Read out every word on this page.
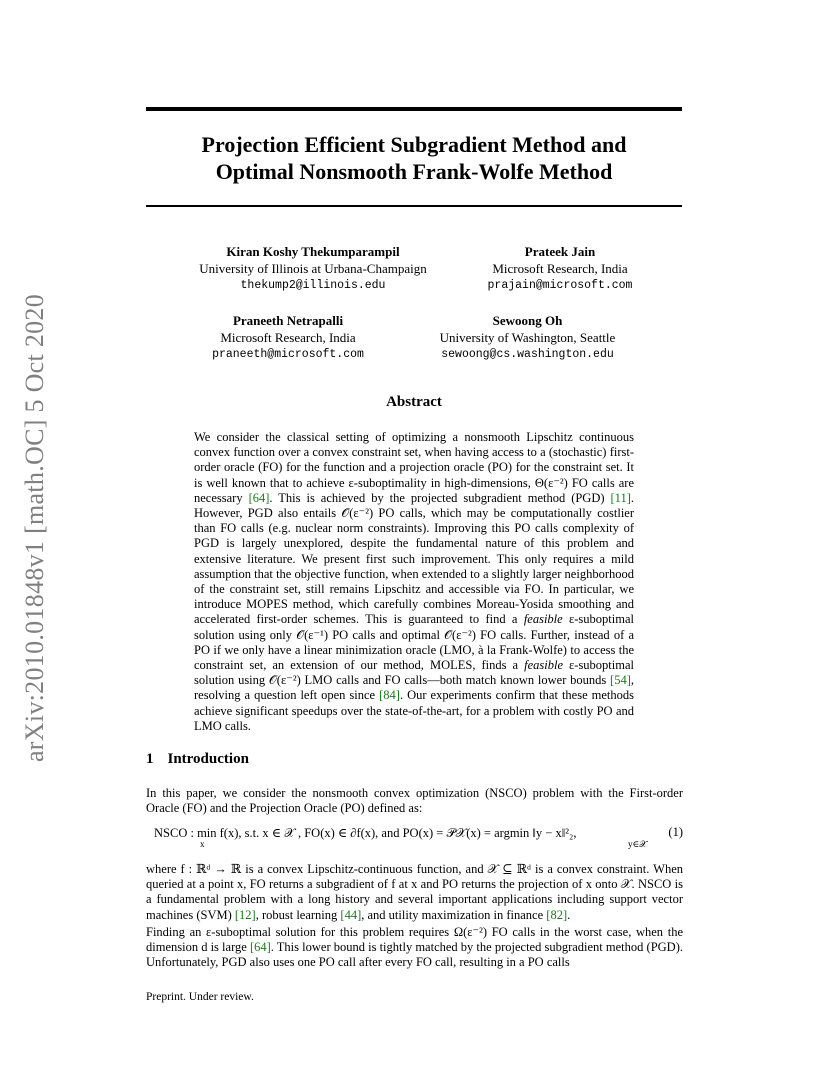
arXiv:2010.01848v1 [math.OC] 5 Oct 2020
Projection Efficient Subgradient Method and
Optimal Nonsmooth Frank-Wolfe Method
Kiran Koshy Thekumparampil
University of Illinois at Urbana-Champaign
thekump2@illinois.edu
Prateek Jain
Microsoft Research, India
prajain@microsoft.com
Praneeth Netrapalli
Microsoft Research, India
praneeth@microsoft.com
Sewoong Oh
University of Washington, Seattle
sewoong@cs.washington.edu
Abstract

We consider the classical setting of optimizing a nonsmooth Lipschitz continuous convex function over a convex constraint set, when having access to a (stochastic) first-order oracle (FO) for the function and a projection oracle (PO) for the constraint set. It is well known that to achieve ε-suboptimality in high-dimensions, Θ(ε⁻²) FO calls are necessary [64]. This is achieved by the projected subgradient method (PGD) [11]. However, PGD also entails 𝒪(ε⁻²) PO calls, which may be computationally costlier than FO calls (e.g. nuclear norm constraints). Improving this PO calls complexity of PGD is largely unexplored, despite the fundamental nature of this problem and extensive literature. We present first such improvement. This only requires a mild assumption that the objective function, when extended to a slightly larger neighborhood of the constraint set, still remains Lipschitz and accessible via FO. In particular, we introduce MOPES method, which carefully combines Moreau-Yosida smoothing and accelerated first-order schemes. This is guaranteed to find a feasible ε-suboptimal solution using only 𝒪(ε⁻¹) PO calls and optimal 𝒪(ε⁻²) FO calls. Further, instead of a PO if we only have a linear minimization oracle (LMO, à la Frank-Wolfe) to access the constraint set, an extension of our method, MOLES, finds a feasible ε-suboptimal solution using 𝒪(ε⁻²) LMO calls and FO calls—both match known lower bounds [54], resolving a question left open since [84]. Our experiments confirm that these methods achieve significant speedups over the state-of-the-art, for a problem with costly PO and LMO calls.

1 Introduction

In this paper, we consider the nonsmooth convex optimization (NSCO) problem with the First-order Oracle (FO) and the Projection Oracle (PO) defined as:

NSCO : min f(x), s.t. x ∈ 𝒳 , FO(x) ∈ ∂f(x), and PO(x) = 𝒫𝒳(x) = argmin ‖y − x‖²₂,
x	y∈𝒳
(1)

where f : ℝᵈ → ℝ is a convex Lipschitz-continuous function, and 𝒳 ⊆ ℝᵈ is a convex constraint. When queried at a point x, FO returns a subgradient of f at x and PO returns the projection of x onto 𝒳. NSCO is a fundamental problem with a long history and several important applications including support vector machines (SVM) [12], robust learning [44], and utility maximization in finance [82].

Finding an ε-suboptimal solution for this problem requires Ω(ε⁻²) FO calls in the worst case, when the dimension d is large [64]. This lower bound is tightly matched by the projected subgradient method (PGD). Unfortunately, PGD also uses one PO call after every FO call, resulting in a PO calls

Preprint. Under review.
